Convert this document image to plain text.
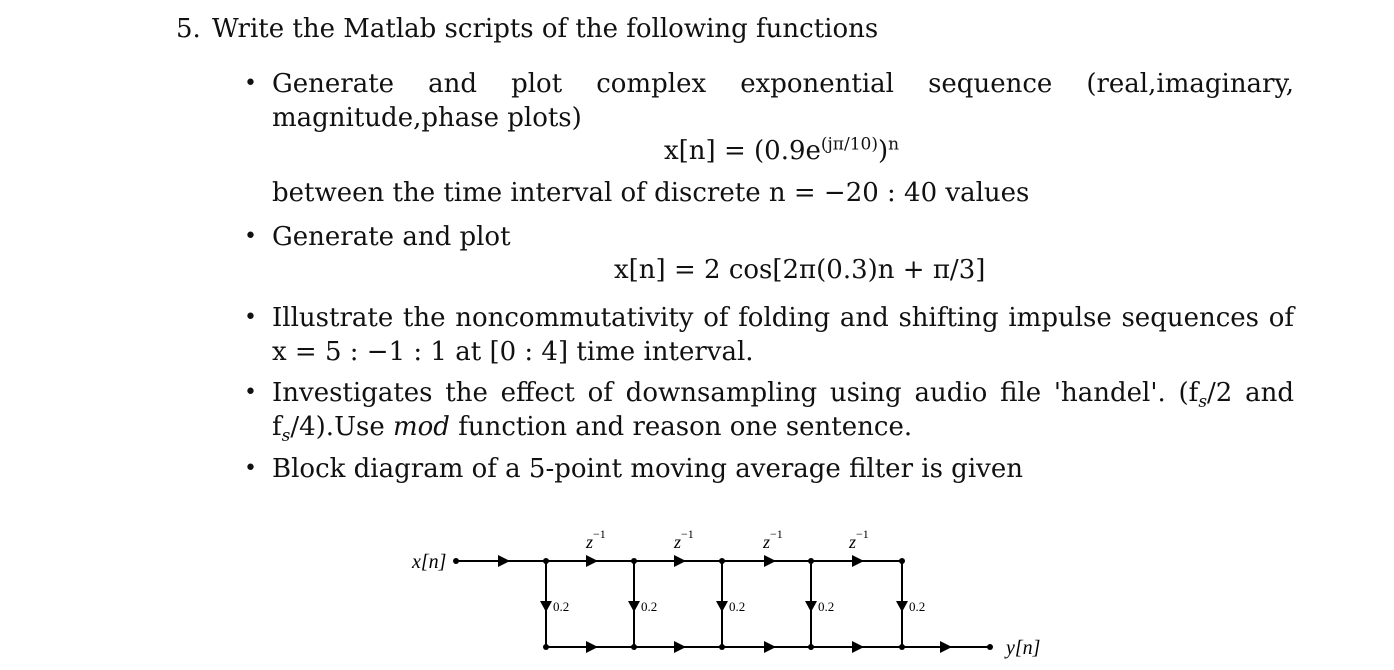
5. Write the Matlab scripts of the following functions
• Generate and plot complex exponential sequence (real,imaginary, magnitude,phase plots)
$x[n] = (0.9e^{(j\pi/10)})^n$
between the time interval of discrete n = −20 : 40 values
• Generate and plot
x[n] = 2 cos[2π(0.3)n + π/3]
• Illustrate the noncommutativity of folding and shifting impulse sequences of x = 5 : −1 : 1 at [0 : 4] time interval.
• Investigates the effect of downsampling using audio file 'handel'. ($f_s/2$ and $f_s/4).Use$ mod function and reason one sentence.
• Block diagram of a 5-point moving average filter is given
x[n]
0.2	0.2	0.2	0.2	0.2
$z^{-1}$	$z^{-1}$	$z^{-1}$	$z^{-1}$
y[n]
